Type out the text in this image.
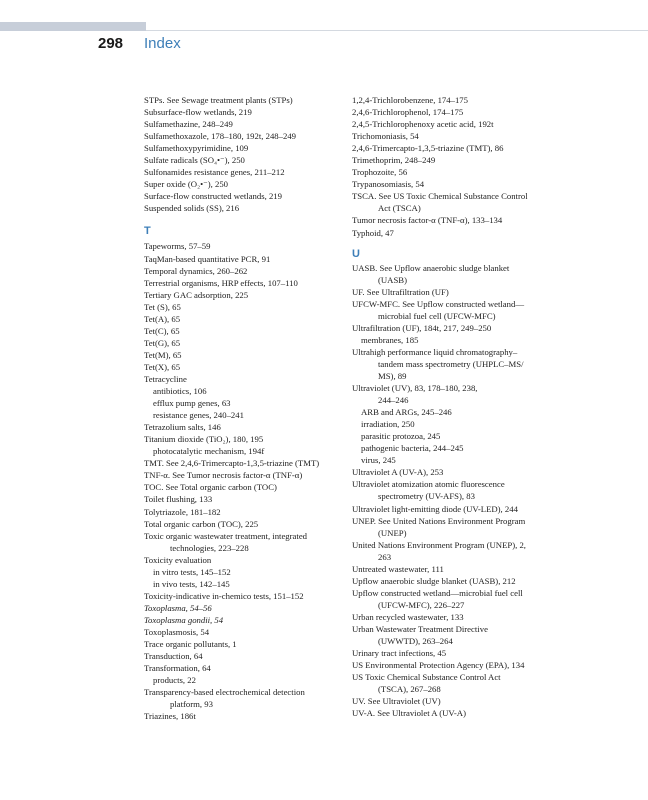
298 Index
STPs. See Sewage treatment plants (STPs)
Subsurface-flow wetlands, 219
Sulfamethazine, 248–249
Sulfamethoxazole, 178–180, 192t, 248–249
Sulfamethoxypyrimidine, 109
Sulfate radicals (SO₄•⁻), 250
Sulfonamides resistance genes, 211–212
Super oxide (O₂•⁻), 250
Surface-flow constructed wetlands, 219
Suspended solids (SS), 216
T
Tapeworms, 57–59
TaqMan-based quantitative PCR, 91
Temporal dynamics, 260–262
Terrestrial organisms, HRP effects, 107–110
Tertiary GAC adsorption, 225
Tet (S), 65
Tet(A), 65
Tet(C), 65
Tet(G), 65
Tet(M), 65
Tet(X), 65
Tetracycline
antibiotics, 106
efflux pump genes, 63
resistance genes, 240–241
Tetrazolium salts, 146
Titanium dioxide (TiO₂), 180, 195
photocatalytic mechanism, 194f
TMT. See 2,4,6-Trimercapto-1,3,5-triazine (TMT)
TNF-α. See Tumor necrosis factor-α (TNF-α)
TOC. See Total organic carbon (TOC)
Toilet flushing, 133
Tolytriazole, 181–182
Total organic carbon (TOC), 225
Toxic organic wastewater treatment, integrated
technologies, 223–228
Toxicity evaluation
in vitro tests, 145–152
in vivo tests, 142–145
Toxicity-indicative in-chemico tests, 151–152
Toxoplasma, 54–56
Toxoplasma gondii, 54
Toxoplasmosis, 54
Trace organic pollutants, 1
Transduction, 64
Transformation, 64
products, 22
Transparency-based electrochemical detection
platform, 93
Triazines, 186t
1,2,4-Trichlorobenzene, 174–175
2,4,6-Trichlorophenol, 174–175
2,4,5-Trichlorophenoxy acetic acid, 192t
Trichomoniasis, 54
2,4,6-Trimercapto-1,3,5-triazine (TMT), 86
Trimethoprim, 248–249
Trophozoite, 56
Trypanosomiasis, 54
TSCA. See US Toxic Chemical Substance Control
Act (TSCA)
Tumor necrosis factor-α (TNF-α), 133–134
Typhoid, 47
U
UASB. See Upflow anaerobic sludge blanket
(UASB)
UF. See Ultrafiltration (UF)
UFCW-MFC. See Upflow constructed wetland—
microbial fuel cell (UFCW-MFC)
Ultrafiltration (UF), 184t, 217, 249–250
membranes, 185
Ultrahigh performance liquid chromatography–
tandem mass spectrometry (UHPLC–MS/
MS), 89
Ultraviolet (UV), 83, 178–180, 238,
244–246
ARB and ARGs, 245–246
irradiation, 250
parasitic protozoa, 245
pathogenic bacteria, 244–245
virus, 245
Ultraviolet A (UV-A), 253
Ultraviolet atomization atomic fluorescence
spectrometry (UV-AFS), 83
Ultraviolet light-emitting diode (UV-LED), 244
UNEP. See United Nations Environment Program
(UNEP)
United Nations Environment Program (UNEP), 2,
263
Untreated wastewater, 111
Upflow anaerobic sludge blanket (UASB), 212
Upflow constructed wetland—microbial fuel cell
(UFCW-MFC), 226–227
Urban recycled wastewater, 133
Urban Wastewater Treatment Directive
(UWWTD), 263–264
Urinary tract infections, 45
US Environmental Protection Agency (EPA), 134
US Toxic Chemical Substance Control Act
(TSCA), 267–268
UV. See Ultraviolet (UV)
UV-A. See Ultraviolet A (UV-A)
